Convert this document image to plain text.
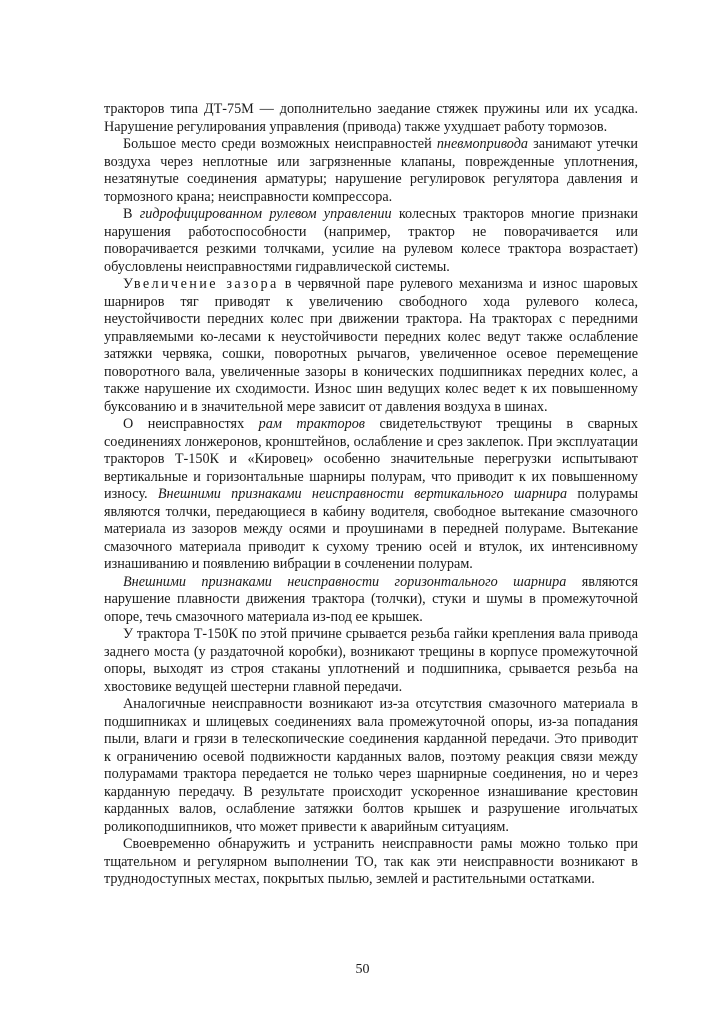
тракторов типа ДТ-75М — дополнительно заедание стяжек пружины или их усадка. Нарушение регулирования управления (привода) также ухудшает работу тормозов.

Большое место среди возможных неисправностей пневмопривода занимают утечки воздуха через неплотные или загрязненные клапаны, поврежденные уплотнения, незатянутые соединения арматуры; нарушение регулировок регулятора давления и тормозного крана; неисправности компрессора.

В гидрофицированном рулевом управлении колесных тракторов многие признаки нарушения работоспособности (например, трактор не поворачивается или поворачивается резкими толчками, усилие на рулевом колесе трактора возрастает) обусловлены неисправностями гидравлической системы.

Увеличение зазора в червячной паре рулевого механизма и износ шаровых шарниров тяг приводят к увеличению свободного хода рулевого колеса, неустойчивости передних колес при движении трактора. На тракторах с передними управляемыми ко-лесами к неустойчивости передних колес ведут также ослабление затяжки червяка, сошки, поворотных рычагов, увеличенное осевое перемещение поворотного вала, увеличенные зазоры в конических подшипниках передних колес, а также нарушение их сходимости. Износ шин ведущих колес ведет к их повышенному буксованию и в значительной мере зависит от давления воздуха в шинах.

О неисправностях рам тракторов свидетельствуют трещины в сварных соединениях лонжеронов, кронштейнов, ослабление и срез заклепок. При эксплуатации тракторов Т-150К и «Кировец» особенно значительные перегрузки испытывают вертикальные и горизонтальные шарниры полурам, что приводит к их повышенному износу. Внешними признаками неисправности вертикального шарнира полурамы являются толчки, передающиеся в кабину водителя, свободное вытекание смазочного материала из зазоров между осями и проушинами в передней полураме. Вытекание смазочного материала приводит к сухому трению осей и втулок, их интенсивному изнашиванию и появлению вибрации в сочленении полурам.

Внешними признаками неисправности горизонтального шарнира являются нарушение плавности движения трактора (толчки), стуки и шумы в промежуточной опоре, течь смазочного материала из-под ее крышек.

У трактора Т-150К по этой причине срывается резьба гайки крепления вала привода заднего моста (у раздаточной коробки), возникают трещины в корпусе промежуточной опоры, выходят из строя стаканы уплотнений и подшипника, срывается резьба на хвостовике ведущей шестерни главной передачи.

Аналогичные неисправности возникают из-за отсутствия смазочного материала в подшипниках и шлицевых соединениях вала промежуточной опоры, из-за попадания пыли, влаги и грязи в телескопические соединения карданной передачи. Это приводит к ограничению осевой подвижности карданных валов, поэтому реакция связи между полурамами трактора передается не только через шарнирные соединения, но и через карданную передачу. В результате происходит ускоренное изнашивание крестовин карданных валов, ослабление затяжки болтов крышек и разрушение игольчатых роликоподшипников, что может привести к аварийным ситуациям.

Своевременно обнаружить и устранить неисправности рамы можно только при тщательном и регулярном выполнении ТО, так как эти неисправности возникают в труднодоступных местах, покрытых пылью, землей и растительными остатками.

50
